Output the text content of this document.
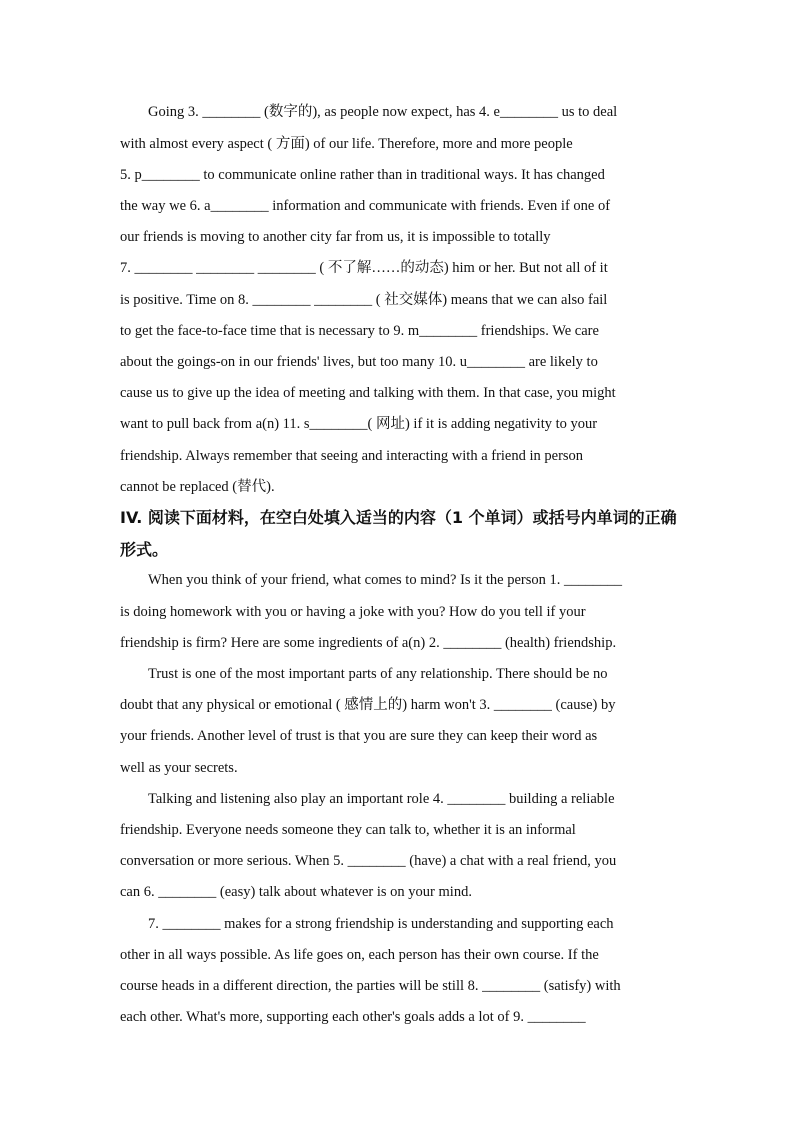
Going 3. ________ (数字的), as people now expect, has 4. e________ us to deal
with almost every aspect ( 方面) of our life. Therefore, more and more people
5. p________ to communicate online rather than in traditional ways. It has changed
the way we 6. a________ information and communicate with friends. Even if one of
our friends is moving to another city far from us, it is impossible to totally
7. ________ ________ ________ ( 不了解……的动态) him or her. But not all of it
is positive. Time on 8. ________ ________ ( 社交媒体) means that we can also fail
to get the face-to-face time that is necessary to 9. m________ friendships. We care
about the goings-on in our friends' lives, but too many 10. u________ are likely to
cause us to give up the idea of meeting and talking with them. In that case, you might
want to pull back from a(n) 11. s________( 网址) if it is adding negativity to your
friendship. Always remember that seeing and interacting with a friend in person
cannot be replaced (替代).
IV. 阅读下面材料，在空白处填入适当的内容（1 个单词）或括号内单词的正确
形式。
When you think of your friend, what comes to mind? Is it the person 1. ________
is doing homework with you or having a joke with you? How do you tell if your
friendship is firm? Here are some ingredients of a(n) 2. ________ (health) friendship.
Trust is one of the most important parts of any relationship. There should be no
doubt that any physical or emotional ( 感情上的) harm won't 3. ________ (cause) by
your friends. Another level of trust is that you are sure they can keep their word as
well as your secrets.
Talking and listening also play an important role 4. ________ building a reliable
friendship. Everyone needs someone they can talk to, whether it is an informal
conversation or more serious. When 5. ________ (have) a chat with a real friend, you
can 6. ________ (easy) talk about whatever is on your mind.
7. ________ makes for a strong friendship is understanding and supporting each
other in all ways possible. As life goes on, each person has their own course. If the
course heads in a different direction, the parties will be still 8. ________ (satisfy) with
each other. What's more, supporting each other's goals adds a lot of 9. ________
